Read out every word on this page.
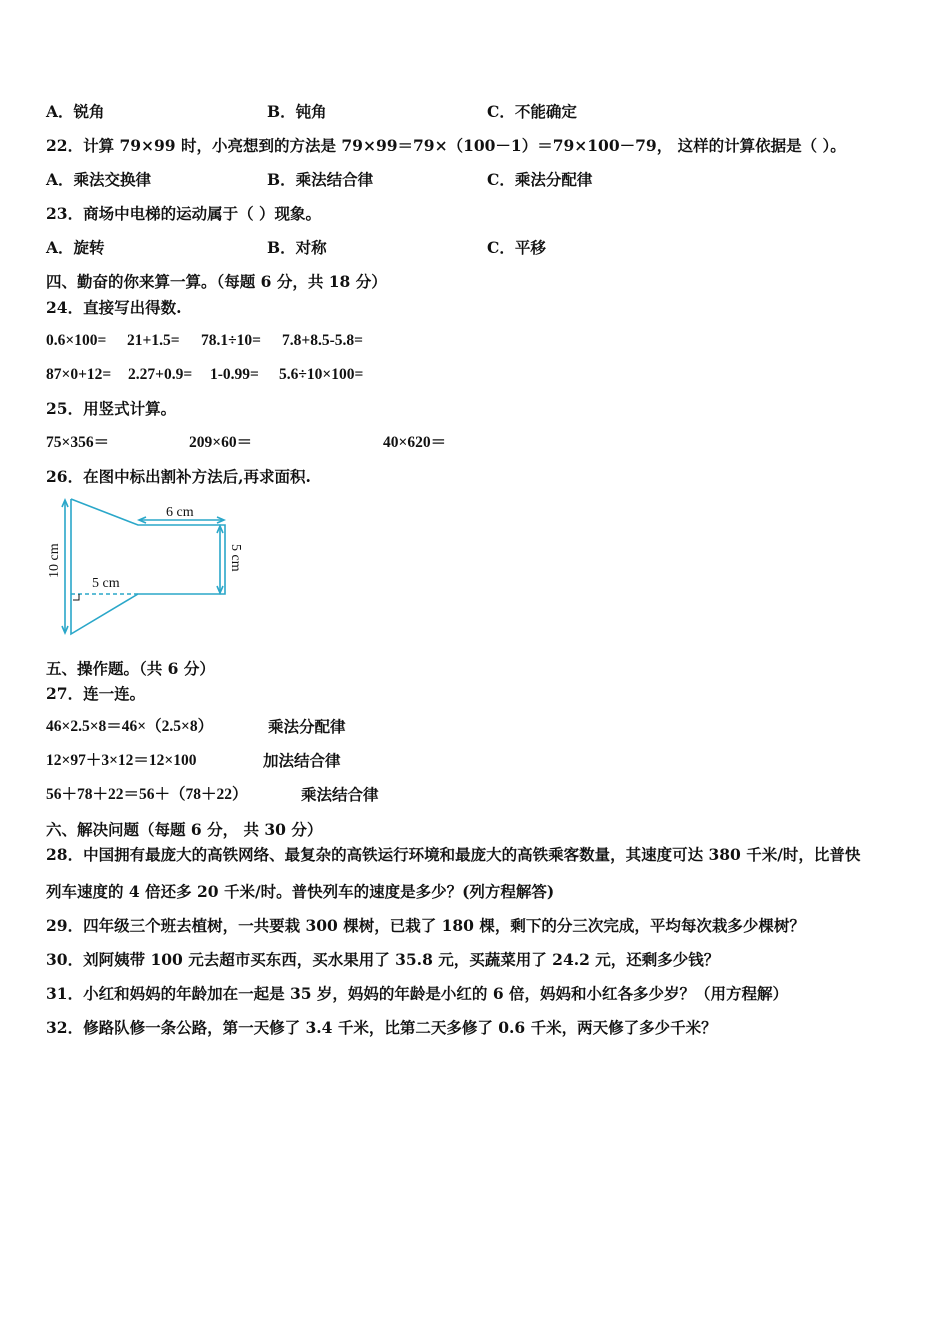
A．锐角	B．钝角	C．不能确定
22．计算 79×99 时，小亮想到的方法是 79×99＝79×（100－1）＝79×100－79， 这样的计算依据是（ ）。
A．乘法交换律	B．乘法结合律	C．乘法分配律
23．商场中电梯的运动属于（ ）现象。
A．旋转	B．对称	C．平移
四、勤奋的你来算一算。（每题 6 分，共 18 分）
24．直接写出得数.
0.6×100= 21+1.5= 78.1÷10= 7.8+8.5-5.8=
87×0+12= 2.27+0.9= 1-0.99= 5.6÷10×100=
25．用竖式计算。
75×356＝	209×60＝	40×620＝
26．在图中标出割补方法后,再求面积.
6 cm
5 cm
10 cm	5 cm
五、操作题。（共 6 分）
27．连一连。
46×2.5×8＝46×（2.5×8）	乘法分配律
12×97＋3×12＝12×100	加法结合律
56＋78＋22＝56＋（78＋22）	乘法结合律
六、解决问题（每题 6 分， 共 30 分）
28．中国拥有最庞大的高铁网络、最复杂的高铁运行环境和最庞大的高铁乘客数量，其速度可达 380 千米/时，比普快
列车速度的 4 倍还多 20 千米/时。普快列车的速度是多少？(列方程解答)
29．四年级三个班去植树，一共要栽 300 棵树，已栽了 180 棵，剩下的分三次完成，平均每次栽多少棵树？
30．刘阿姨带 100 元去超市买东西，买水果用了 35.8 元，买蔬菜用了 24.2 元，还剩多少钱？
31．小红和妈妈的年龄加在一起是 35 岁，妈妈的年龄是小红的 6 倍，妈妈和小红各多少岁？（用方程解）
32．修路队修一条公路，第一天修了 3.4 千米，比第二天多修了 0.6 千米，两天修了多少千米？
